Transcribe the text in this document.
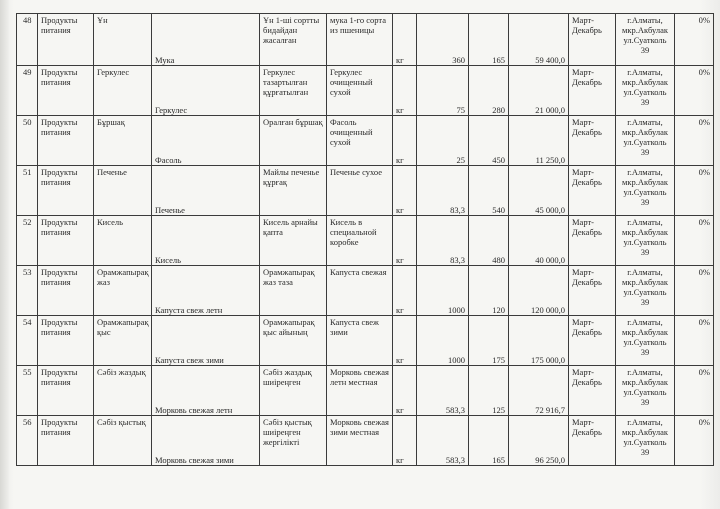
48	Продукты питания	Ұн	Мука	Ұн 1-ші сортты бидайдан жасалған	мука 1-го сорта из пшеницы	кг	360	165	59 400,0	Март-Декабрь	г.Алматы, мкр.Акбулак ул.Суатколь 39	0%
49	Продукты питания	Геркулес	Геркулес	Геркулес тазартылған құрғатылған	Геркулес очищенный сухой	кг	75	280	21 000,0	Март-Декабрь	г.Алматы, мкр.Акбулак ул.Суатколь 39	0%
50	Продукты питания	Бұршақ	Фасоль	Оралған бұршақ	Фасоль очищенный сухой	кг	25	450	11 250,0	Март-Декабрь	г.Алматы, мкр.Акбулак ул.Суатколь 39	0%
51	Продукты питания	Печенье	Печенье	Майлы печенье құрғақ	Печенье сухое	кг	83,3	540	45 000,0	Март-Декабрь	г.Алматы, мкр.Акбулак ул.Суатколь 39	0%
52	Продукты питания	Кисель	Кисель	Кисель арнайы қапта	Кисель в специальной коробке	кг	83,3	480	40 000,0	Март-Декабрь	г.Алматы, мкр.Акбулак ул.Суатколь 39	0%
53	Продукты питания	Орамжапырақ жаз	Капуста свеж летн	Орамжапырақ жаз таза	Капуста свежая	кг	1000	120	120 000,0	Март-Декабрь	г.Алматы, мкр.Акбулак ул.Суатколь 39	0%
54	Продукты питания	Орамжапырақ қыс	Капуста свеж зими	Орамжапырақ қыс айының	Капуста свеж зими	кг	1000	175	175 000,0	Март-Декабрь	г.Алматы, мкр.Акбулак ул.Суатколь 39	0%
55	Продукты питания	Сәбіз жаздық	Морковь свежая летн	Сәбіз жаздық шиіреңген	Морковь свежая летн местная	кг	583,3	125	72 916,7	Март-Декабрь	г.Алматы, мкр.Акбулак ул.Суатколь 39	0%
56	Продукты питания	Сәбіз қыстық	Морковь свежая зими	Сәбіз қыстық шиіреңген жергілікті	Морковь свежая зими местная	кг	583,3	165	96 250,0	Март-Декабрь	г.Алматы, мкр.Акбулак ул.Суатколь 39	0%
